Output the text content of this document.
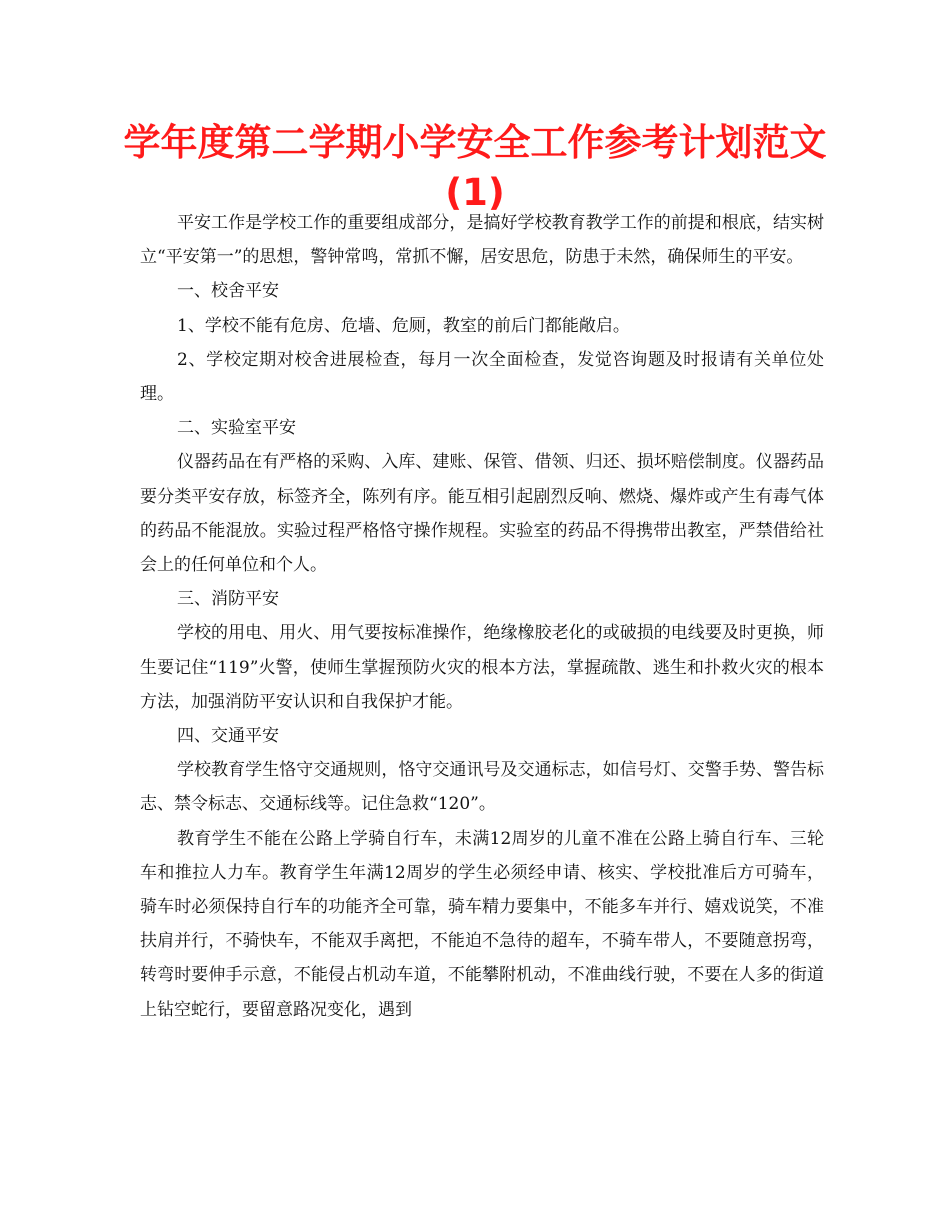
学年度第二学期小学安全工作参考计划范文(1)

平安工作是学校工作的重要组成部分，是搞好学校教育教学工作的前提和根底，结实树立“平安第一”的思想，警钟常鸣，常抓不懈，居安思危，防患于未然，确保师生的平安。

一、校舍平安

1、学校不能有危房、危墙、危厕，教室的前后门都能敞启。

2、学校定期对校舍进展检查，每月一次全面检查，发觉咨询题及时报请有关单位处理。

二、实验室平安

仪器药品在有严格的采购、入库、建账、保管、借领、归还、损坏赔偿制度。仪器药品要分类平安存放，标签齐全，陈列有序。能互相引起剧烈反响、燃烧、爆炸或产生有毒气体的药品不能混放。实验过程严格恪守操作规程。实验室的药品不得携带出教室，严禁借给社会上的任何单位和个人。

三、消防平安

学校的用电、用火、用气要按标准操作，绝缘橡胶老化的或破损的电线要及时更换，师生要记住“119”火警，使师生掌握预防火灾的根本方法，掌握疏散、逃生和扑救火灾的根本方法，加强消防平安认识和自我保护才能。

四、交通平安

学校教育学生恪守交通规则，恪守交通讯号及交通标志，如信号灯、交警手势、警告标志、禁令标志、交通标线等。记住急救“120”。

教育学生不能在公路上学骑自行车，未满12周岁的儿童不准在公路上骑自行车、三轮车和推拉人力车。教育学生年满12周岁的学生必须经申请、核实、学校批准后方可骑车，骑车时必须保持自行车的功能齐全可靠，骑车精力要集中，不能多车并行、嬉戏说笑，不准扶肩并行，不骑快车，不能双手离把，不能迫不急待的超车，不骑车带人，不要随意拐弯，转弯时要伸手示意，不能侵占机动车道，不能攀附机动，不准曲线行驶，不要在人多的街道上钻空蛇行，要留意路况变化，遇到
